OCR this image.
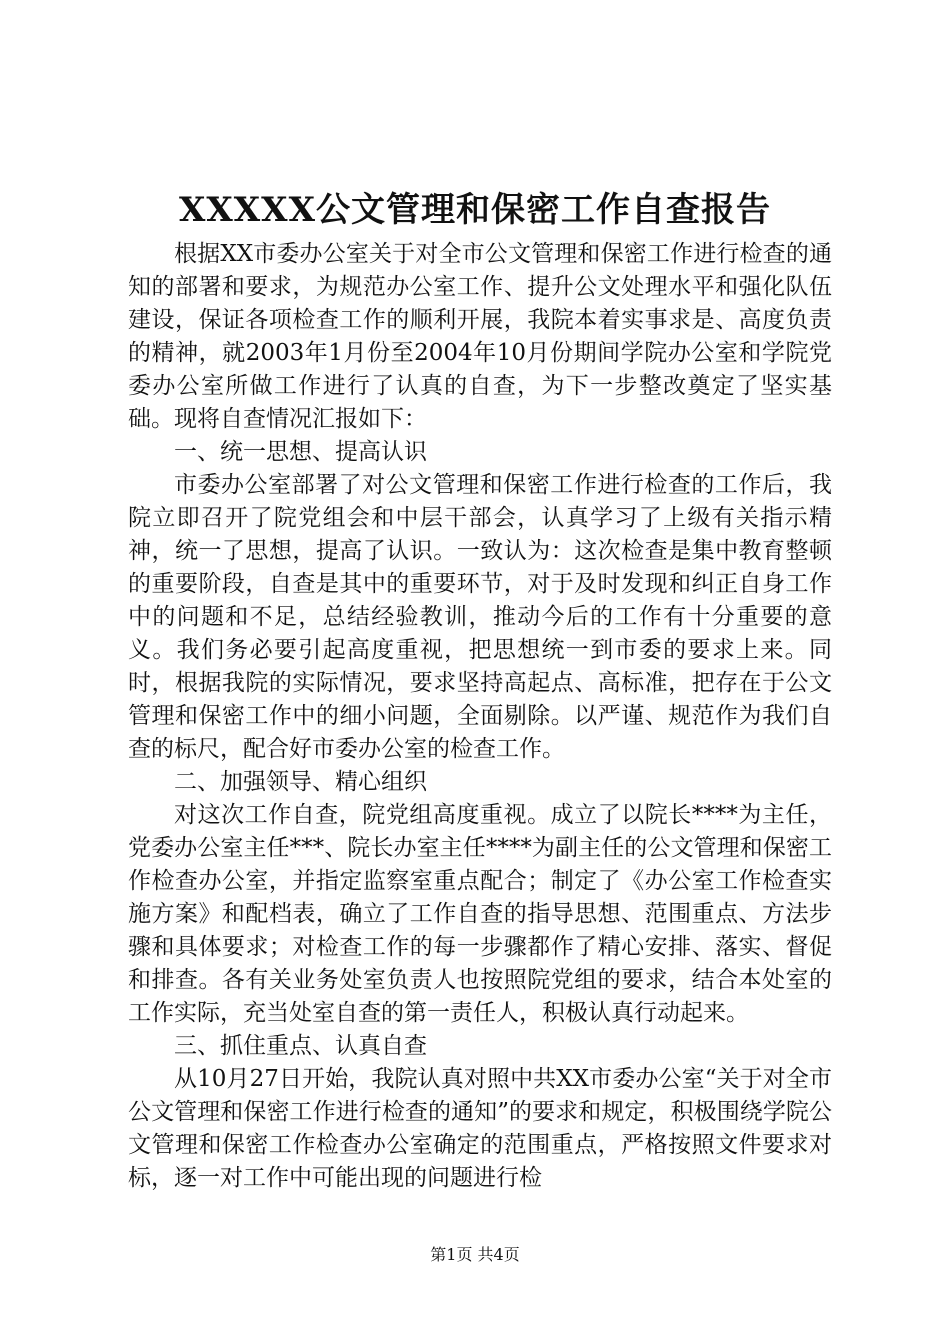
XXXXX公文管理和保密工作自查报告

根据XX市委办公室关于对全市公文管理和保密工作进行检查的通知的部署和要求，为规范办公室工作、提升公文处理水平和强化队伍建设，保证各项检查工作的顺利开展，我院本着实事求是、高度负责的精神，就2003年1月份至2004年10月份期间学院办公室和学院党委办公室所做工作进行了认真的自查，为下一步整改奠定了坚实基础。现将自查情况汇报如下：

一、统一思想、提高认识

市委办公室部署了对公文管理和保密工作进行检查的工作后，我院立即召开了院党组会和中层干部会，认真学习了上级有关指示精神，统一了思想，提高了认识。一致认为：这次检查是集中教育整顿的重要阶段，自查是其中的重要环节，对于及时发现和纠正自身工作中的问题和不足，总结经验教训，推动今后的工作有十分重要的意义。我们务必要引起高度重视，把思想统一到市委的要求上来。同时，根据我院的实际情况，要求坚持高起点、高标准，把存在于公文管理和保密工作中的细小问题，全面剔除。以严谨、规范作为我们自查的标尺，配合好市委办公室的检查工作。

二、加强领导、精心组织

对这次工作自查，院党组高度重视。成立了以院长****为主任，党委办公室主任***、院长办室主任****为副主任的公文管理和保密工作检查办公室，并指定监察室重点配合；制定了《办公室工作检查实施方案》和配档表，确立了工作自查的指导思想、范围重点、方法步骤和具体要求；对检查工作的每一步骤都作了精心安排、落实、督促和排查。各有关业务处室负责人也按照院党组的要求，结合本处室的工作实际，充当处室自查的第一责任人，积极认真行动起来。

三、抓住重点、认真自查

从10月27日开始，我院认真对照中共XX市委办公室“关于对全市公文管理和保密工作进行检查的通知”的要求和规定，积极围绕学院公文管理和保密工作检查办公室确定的范围重点，严格按照文件要求对标，逐一对工作中可能出现的问题进行检

第1页 共4页
